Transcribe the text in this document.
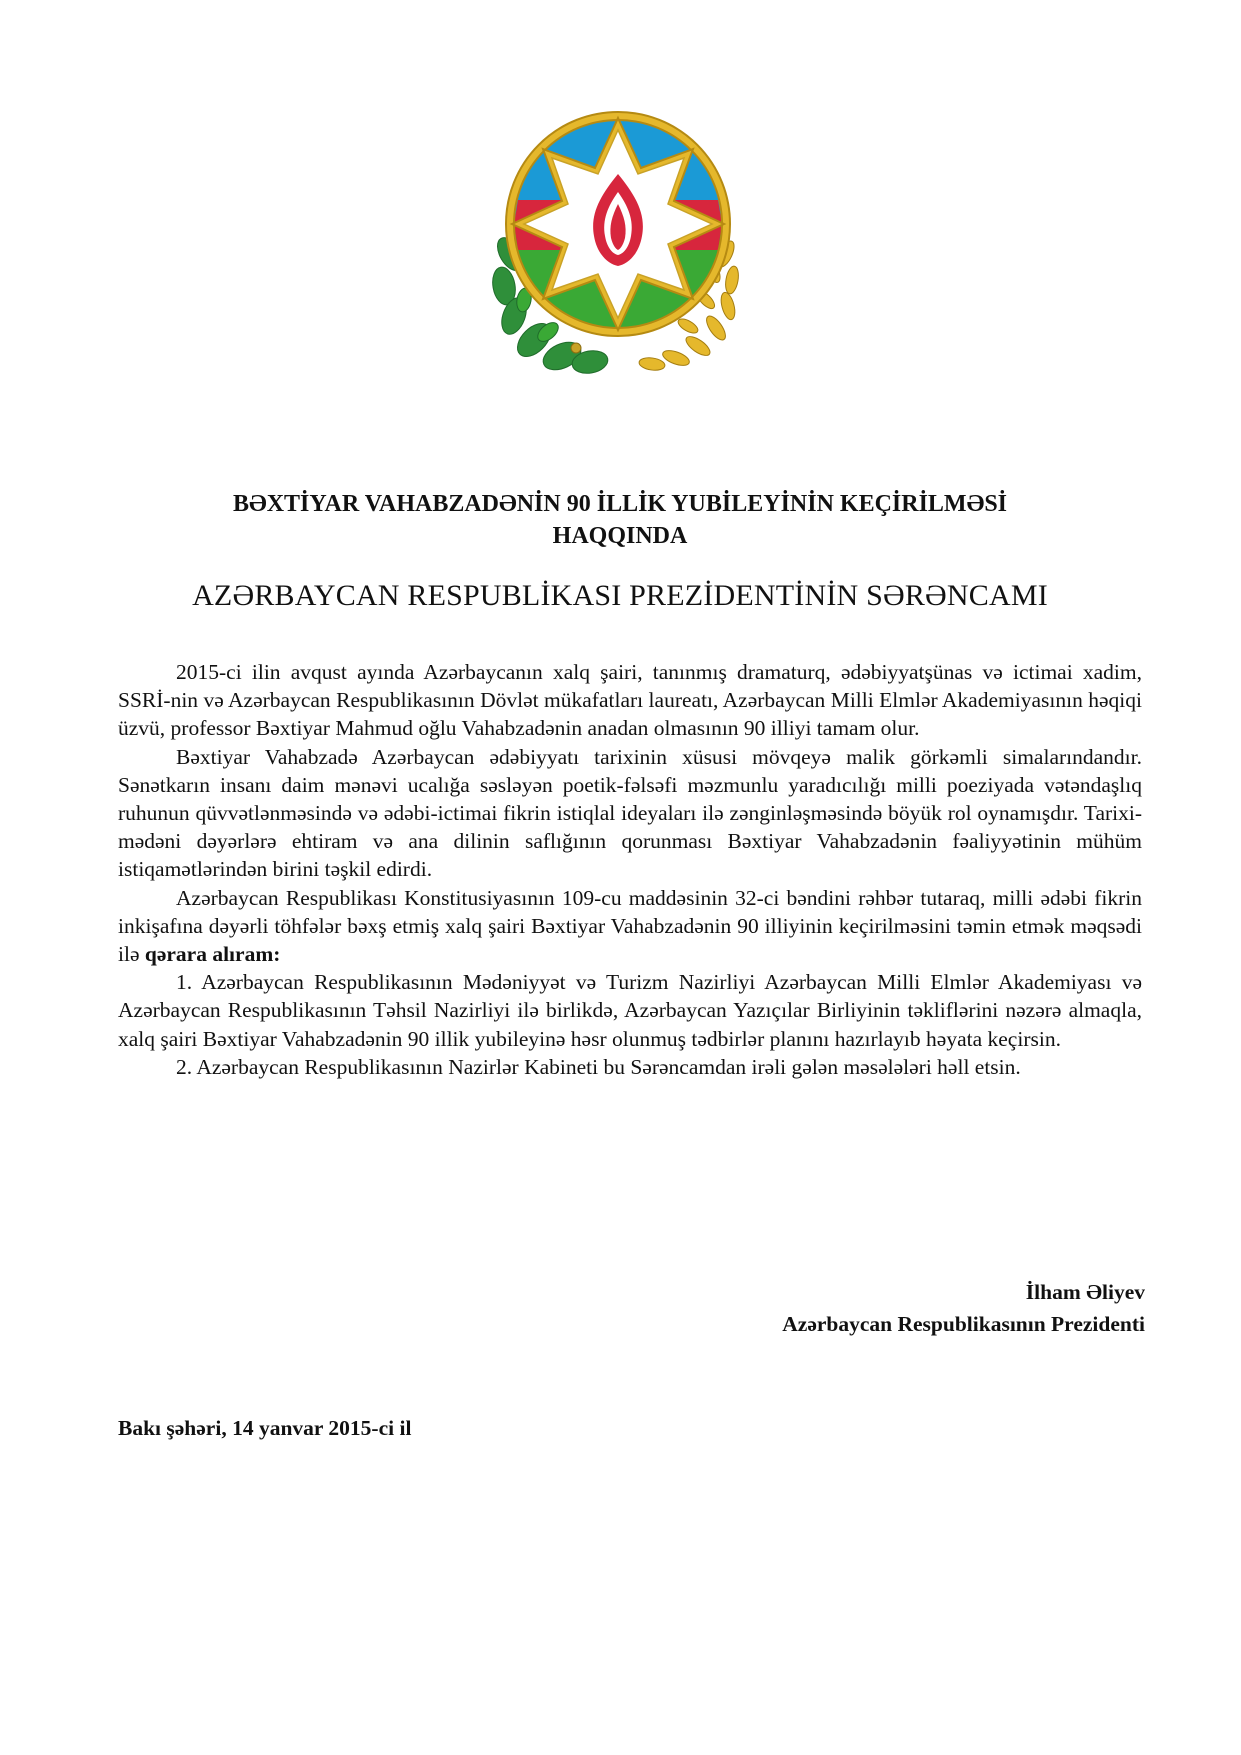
BƏXTİYAR VAHABZADƏNİN 90 İLLİK YUBİLEYİNİN KEÇİRİLMƏSİ
HAQQINDA
AZƏRBAYCAN RESPUBLİKASI PREZİDENTİNİN SƏRƏNCAMI

2015-ci ilin avqust ayında Azərbaycanın xalq şairi, tanınmış dramaturq, ədəbiyyatşünas və ictimai xadim, SSRİ-nin və Azərbaycan Respublikasının Dövlət mükafatları laureatı, Azərbaycan Milli Elmlər Akademiyasının həqiqi üzvü, professor Bəxtiyar Mahmud oğlu Vahabzadənin anadan olmasının 90 illiyi tamam olur.

Bəxtiyar Vahabzadə Azərbaycan ədəbiyyatı tarixinin xüsusi mövqeyə malik görkəmli simalarındandır. Sənətkarın insanı daim mənəvi ucalığa səsləyən poetik-fəlsəfi məzmunlu yaradıcılığı milli poeziyada vətəndaşlıq ruhunun qüvvətlənməsində və ədəbi-ictimai fikrin istiqlal ideyaları ilə zənginləşməsində böyük rol oynamışdır. Tarixi-mədəni dəyərlərə ehtiram və ana dilinin saflığının qorunması Bəxtiyar Vahabzadənin fəaliyyətinin mühüm istiqamətlərindən birini təşkil edirdi.

Azərbaycan Respublikası Konstitusiyasının 109-cu maddəsinin 32-ci bəndini rəhbər tutaraq, milli ədəbi fikrin inkişafına dəyərli töhfələr bəxş etmiş xalq şairi Bəxtiyar Vahabzadənin 90 illiyinin keçirilməsini təmin etmək məqsədi ilə qərara alıram:

1. Azərbaycan Respublikasının Mədəniyyət və Turizm Nazirliyi Azərbaycan Milli Elmlər Akademiyası və Azərbaycan Respublikasının Təhsil Nazirliyi ilə birlikdə, Azərbaycan Yazıçılar Birliyinin təkliflərini nəzərə almaqla, xalq şairi Bəxtiyar Vahabzadənin 90 illik yubileyinə həsr olunmuş tədbirlər planını hazırlayıb həyata keçirsin.

2. Azərbaycan Respublikasının Nazirlər Kabineti bu Sərəncamdan irəli gələn məsələləri həll etsin.

İlham Əliyev
Azərbaycan Respublikasının Prezidenti
Bakı şəhəri, 14 yanvar 2015-ci il
